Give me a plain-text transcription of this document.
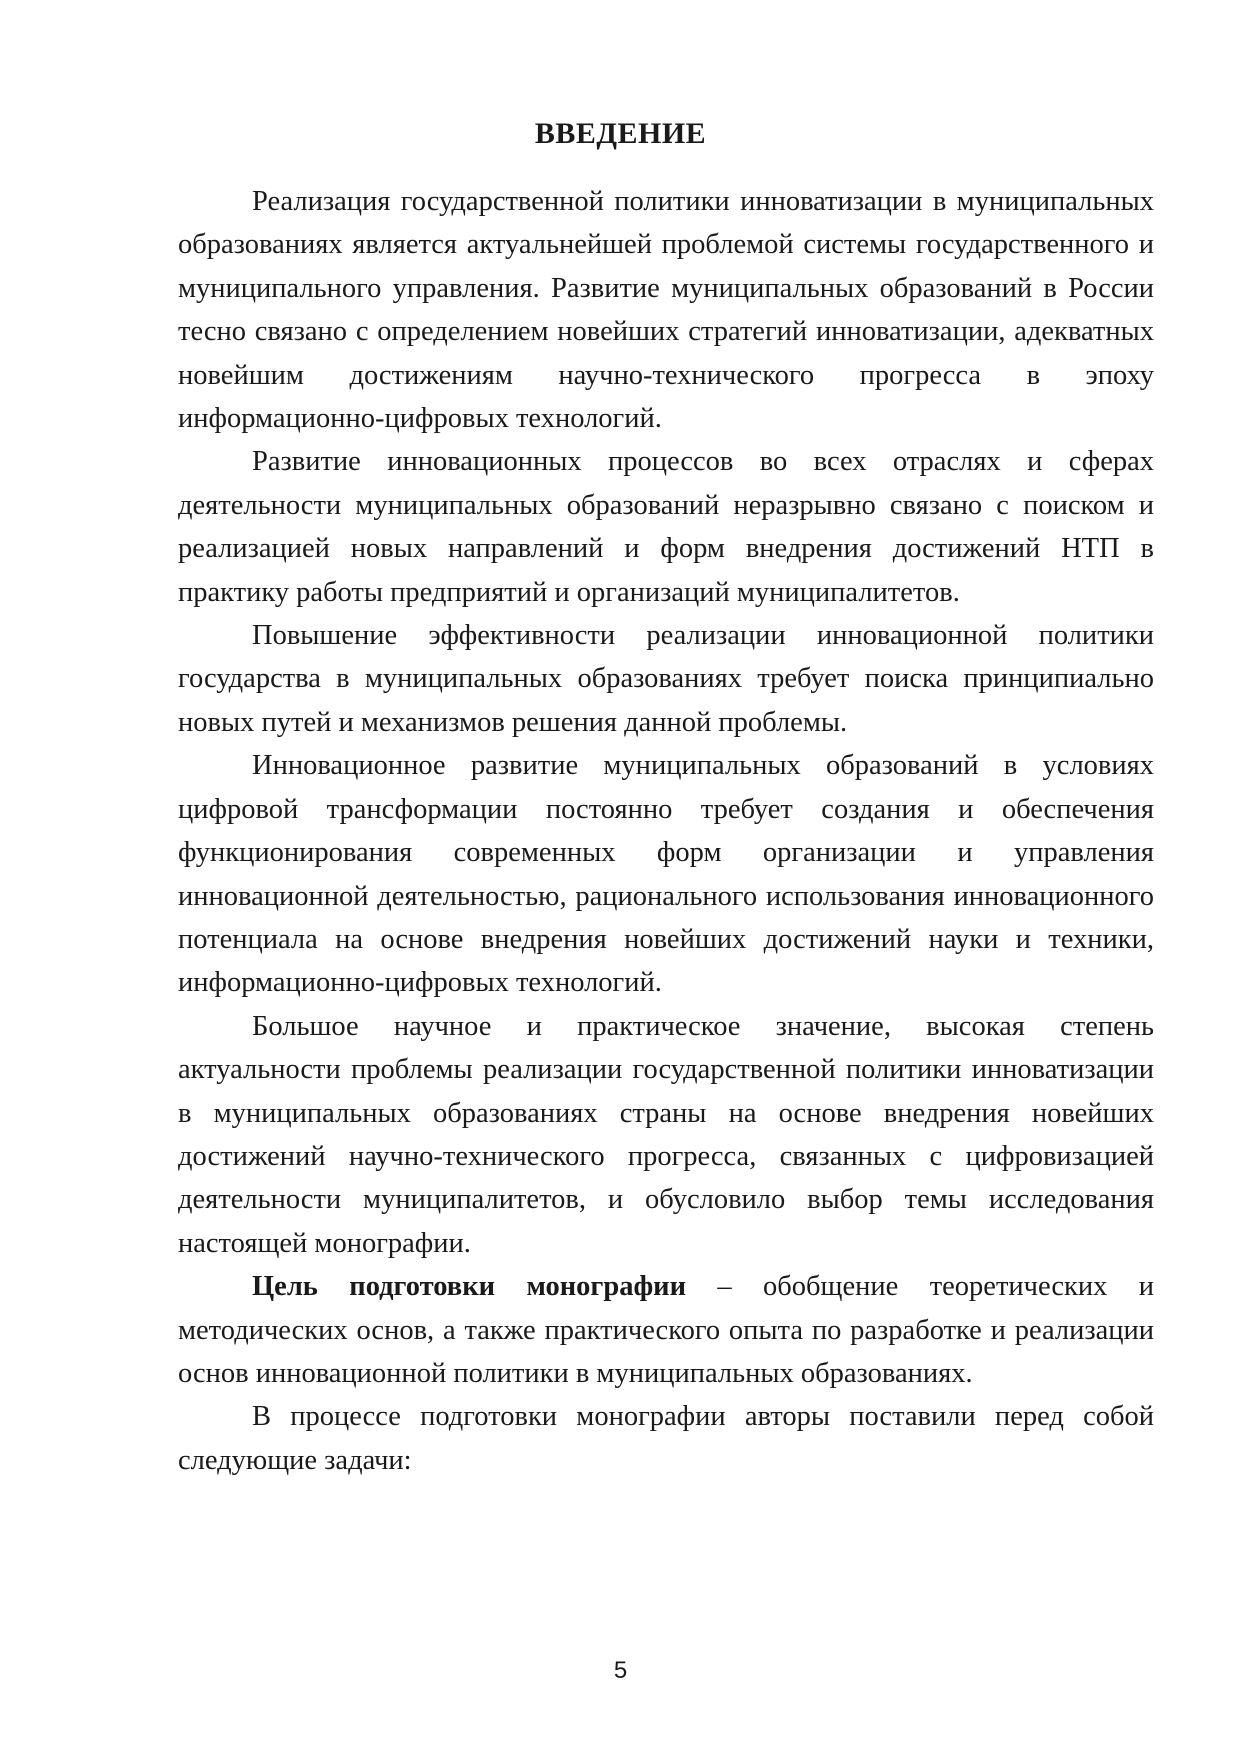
ВВЕДЕНИЕ

Реализация государственной политики инноватизации в муниципальных образованиях является актуальнейшей проблемой системы государственного и муниципального управления. Развитие муниципальных образований в России тесно связано с определением новейших стратегий инноватизации, адекватных новейшим достижениям научно-технического прогресса в эпоху информационно-цифровых технологий.

Развитие инновационных процессов во всех отраслях и сферах деятельности муниципальных образований неразрывно связано с поиском и реализацией новых направлений и форм внедрения достижений НТП в практику работы предприятий и организаций муниципалитетов.

Повышение эффективности реализации инновационной политики государства в муниципальных образованиях требует поиска принципиально новых путей и механизмов решения данной проблемы.

Инновационное развитие муниципальных образований в условиях цифровой трансформации постоянно требует создания и обеспечения функционирования современных форм организации и управления инновационной деятельностью, рационального использования инновационного потенциала на основе внедрения новейших достижений науки и техники, информационно-цифровых технологий.

Большое научное и практическое значение, высокая степень актуальности проблемы реализации государственной политики инноватизации в муниципальных образованиях страны на основе внедрения новейших достижений научно-технического прогресса, связанных с цифровизацией деятельности муниципалитетов, и обусловило выбор темы исследования настоящей монографии.

Цель подготовки монографии – обобщение теоретических и методических основ, а также практического опыта по разработке и реализации основ инновационной политики в муниципальных образованиях.

В процессе подготовки монографии авторы поставили перед собой следующие задачи:

5
